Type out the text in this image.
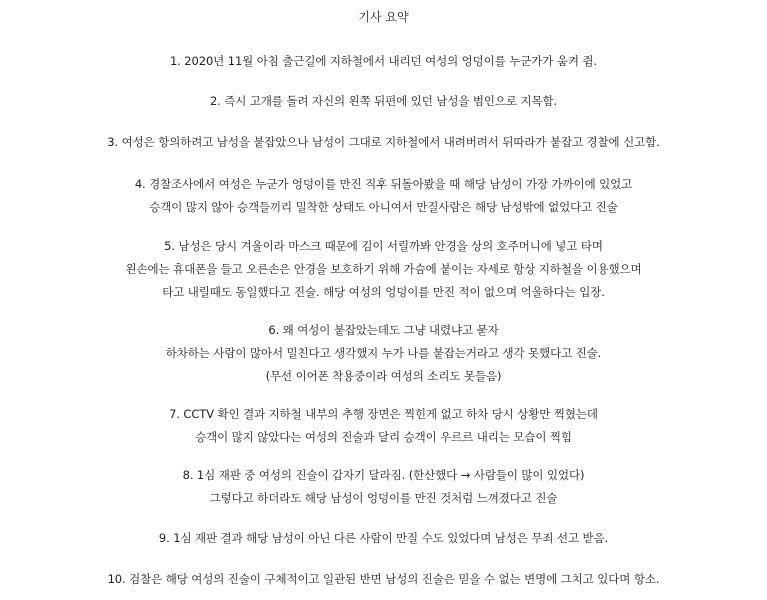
기사 요약
1. 2020년 11월 아침 출근길에 지하철에서 내리던 여성의 엉덩이를 누군가가 움켜 쥠.
2. 즉시 고개를 돌려 자신의 왼쪽 뒤편에 있던 남성을 범인으로 지목함.
3. 여성은 항의하려고 남성을 붙잡았으나 남성이 그대로 지하철에서 내려버려서 뒤따라가 붙잡고 경찰에 신고함.
4. 경찰조사에서 여성은 누군가 엉덩이를 만진 직후 뒤돌아봤을 때 해당 남성이 가장 가까이에 있었고
승객이 많지 않아 승객들끼리 밀착한 상태도 아니여서 만질사람은 해당 남성밖에 없었다고 진술
5. 남성은 당시 겨울이라 마스크 때문에 김이 서릴까봐 안경을 상의 호주머니에 넣고 타며
왼손에는 휴대폰을 들고 오른손은 안경을 보호하기 위해 가슴에 붙이는 자세로 항상 지하철을 이용했으며
타고 내릴때도 동일했다고 진술. 해당 여성의 엉덩이를 만진 적이 없으며 억울하다는 입장.
6. 왜 여성이 붙잡았는데도 그냥 내렸냐고 묻자
하차하는 사람이 많아서 밀친다고 생각했지 누가 나를 붙잡는거라고 생각 못했다고 진술.
(무선 이어폰 착용중이라 여성의 소리도 못들음)
7. CCTV 확인 결과 지하철 내부의 추행 장면은 찍힌게 없고 하차 당시 상황만 찍혔는데
승객이 많지 않았다는 여성의 진술과 달리 승객이 우르르 내리는 모습이 찍힘
8. 1심 재판 중 여성의 진술이 갑자기 달라짐. (한산했다 → 사람들이 많이 있었다)
그렇다고 하더라도 해당 남성이 엉덩이를 만진 것처럼 느껴졌다고 진술
9. 1심 재판 결과 해당 남성이 아닌 다른 사람이 만질 수도 있었다며 남성은 무죄 선고 받음.
10. 검찰은 해당 여성의 진술이 구체적이고 일관된 반면 남성의 진술은 믿을 수 없는 변명에 그치고 있다며 항소.
